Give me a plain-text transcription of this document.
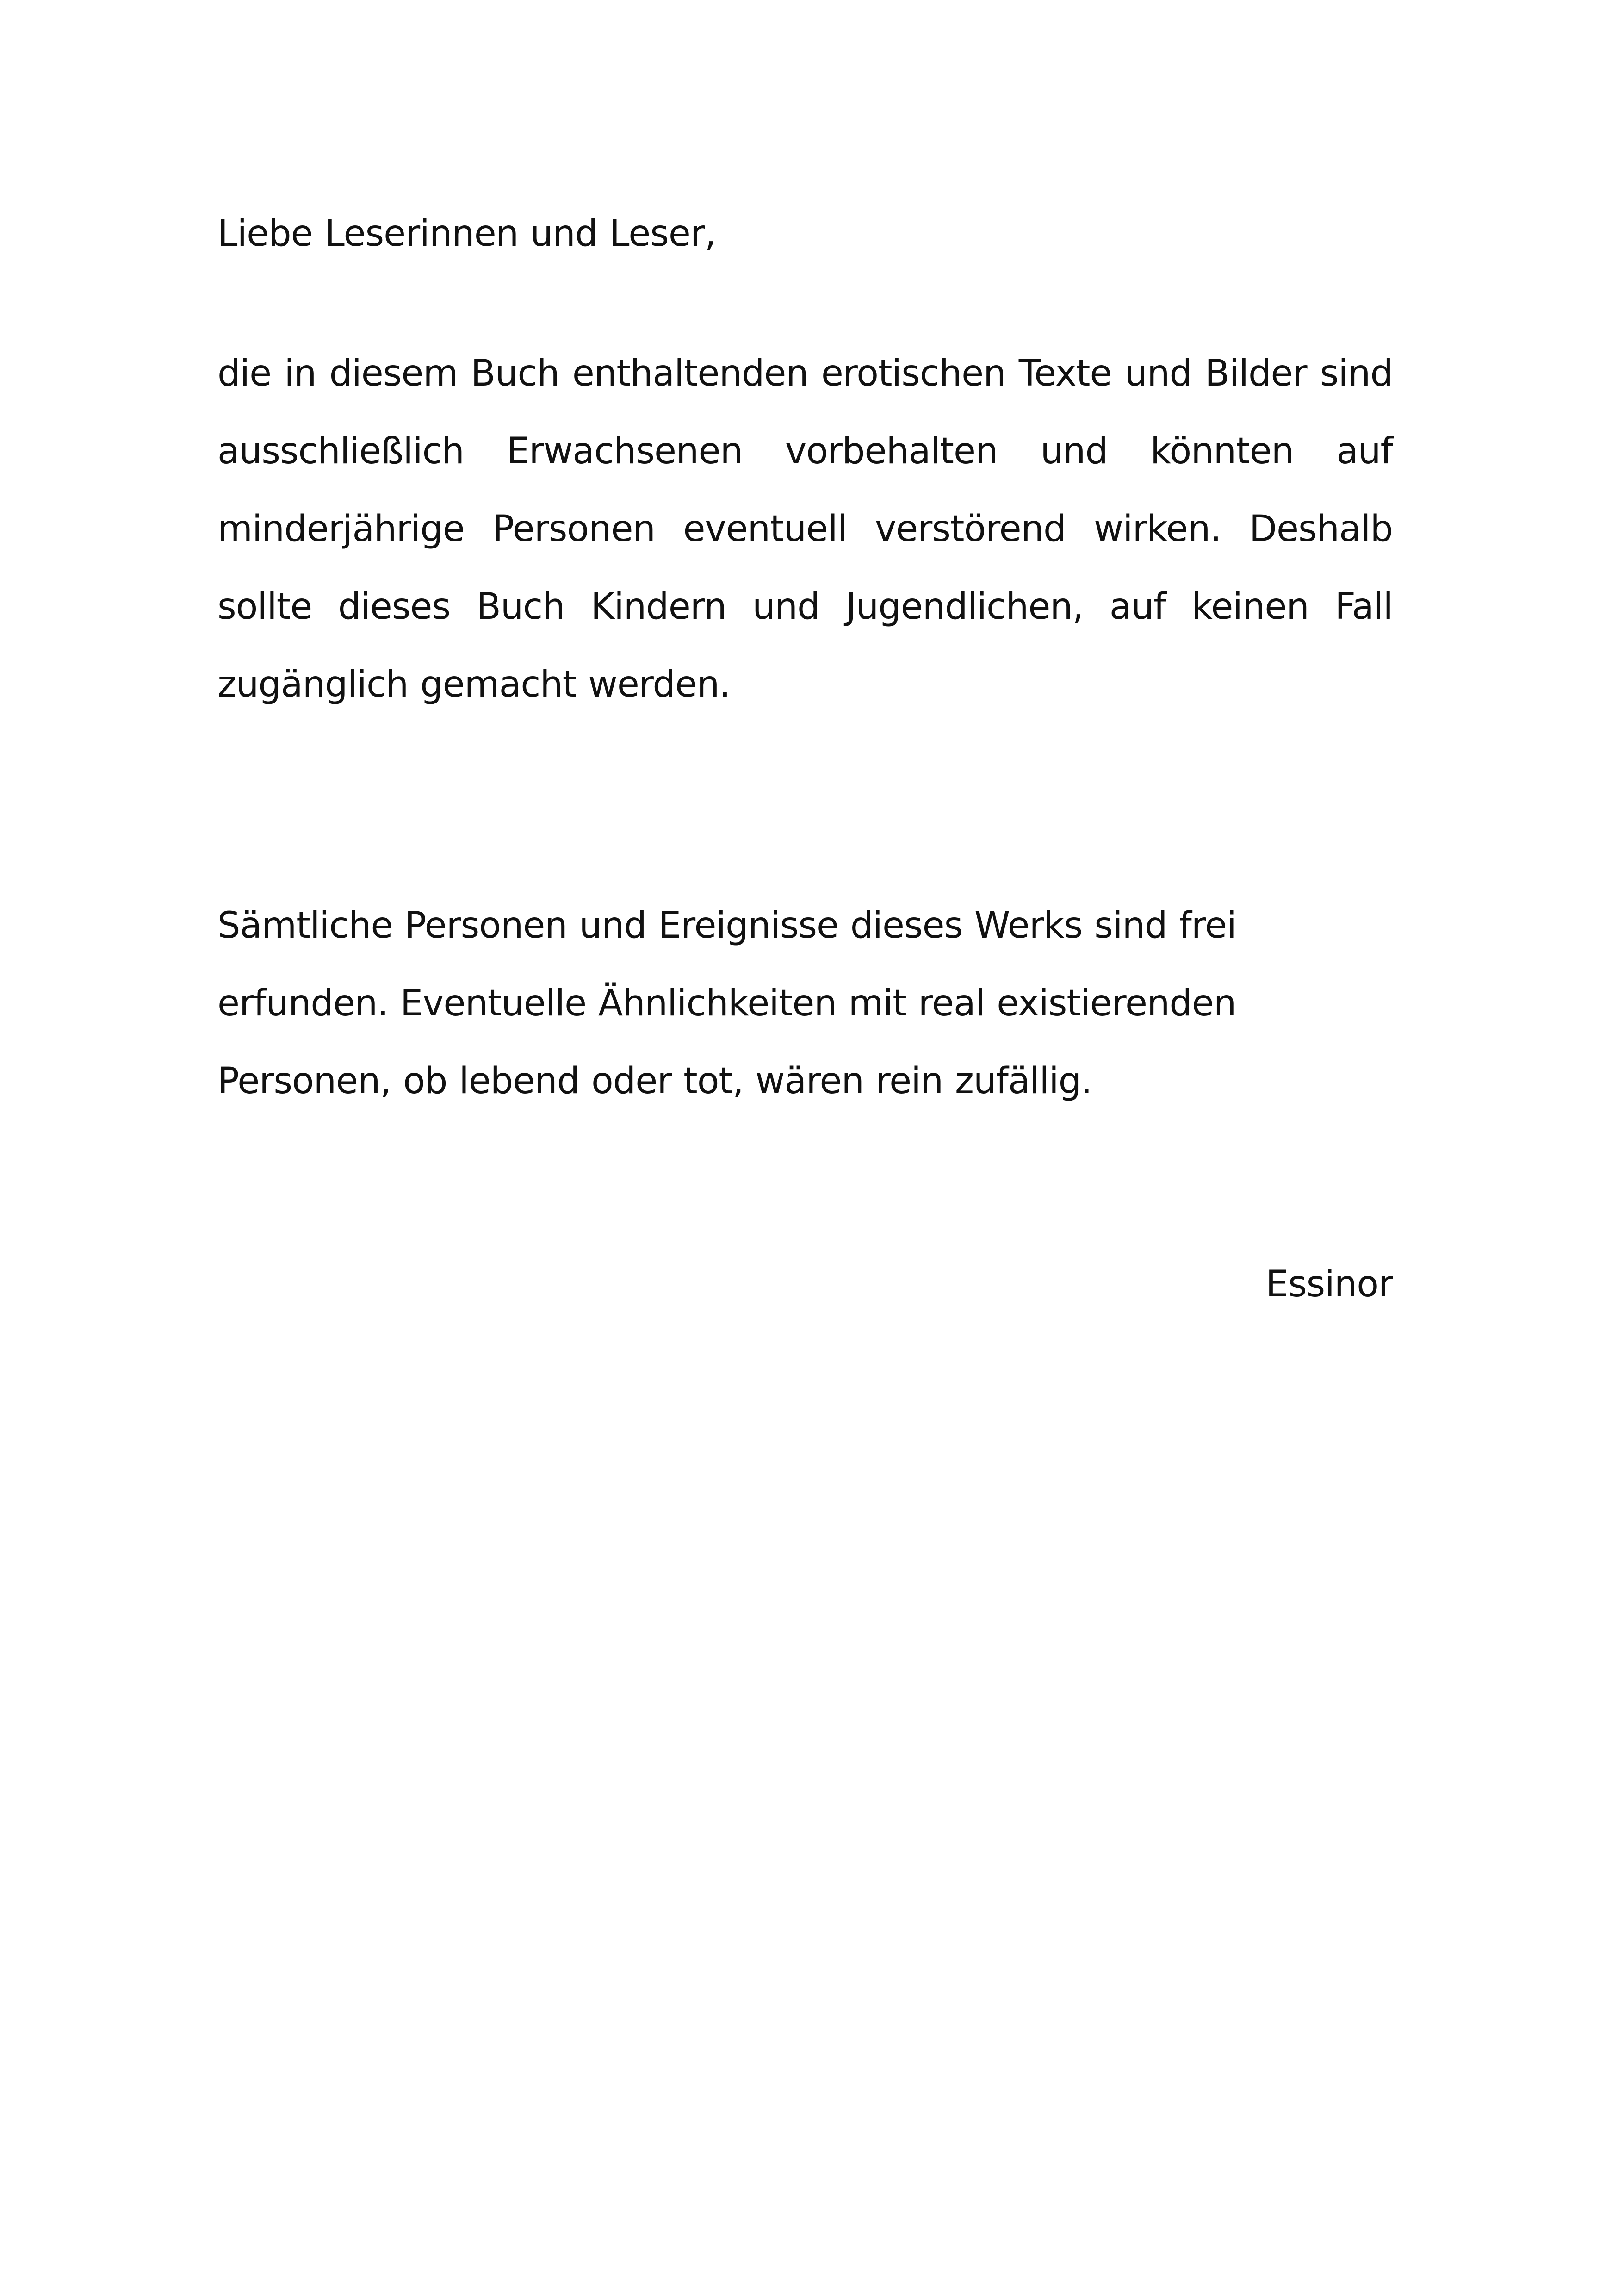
Liebe Leserinnen und Leser,
die in diesem Buch enthaltenden erotischen Texte und Bilder sind ausschließlich Erwachsenen vorbehalten und könnten auf minderjährige Personen eventuell verstörend wirken. Deshalb sollte dieses Buch Kindern und Jugendlichen, auf keinen Fall zugänglich gemacht werden.
Sämtliche Personen und Ereignisse dieses Werks sind frei erfunden. Eventuelle Ähnlichkeiten mit real existierenden Personen, ob lebend oder tot, wären rein zufällig.
Essinor
